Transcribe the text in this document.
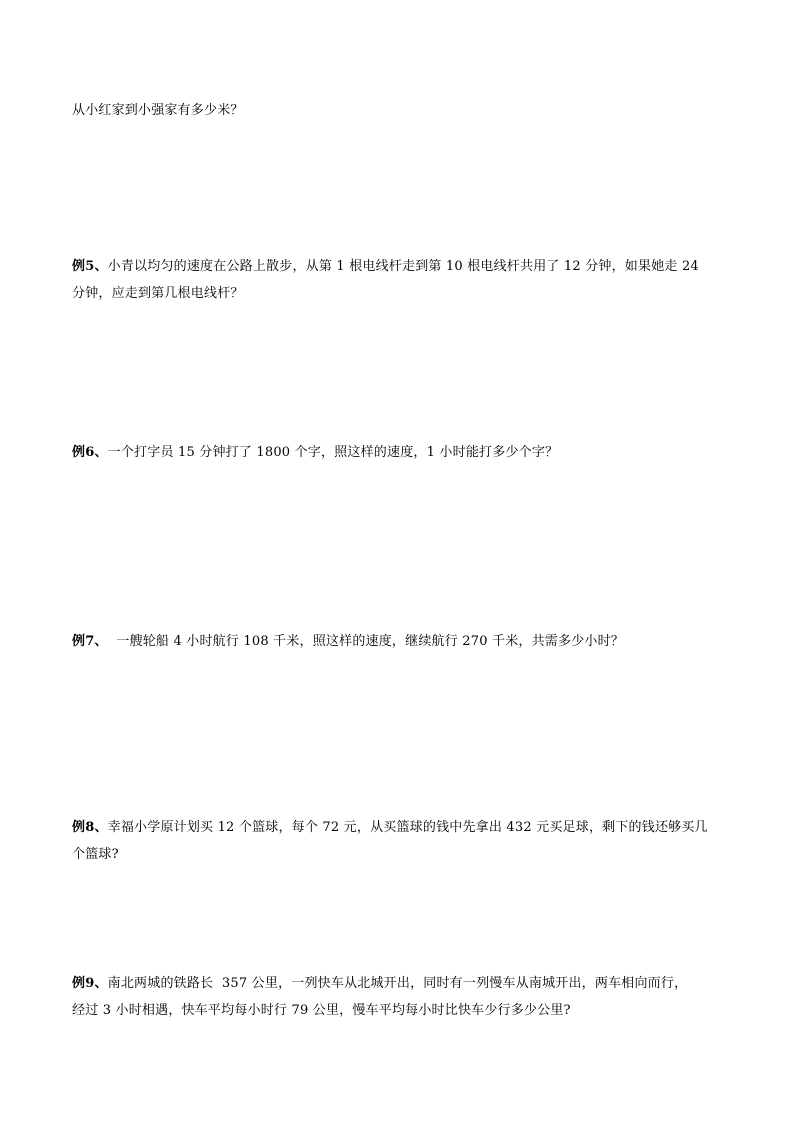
从小红家到小强家有多少米？
例5、小青以均匀的速度在公路上散步，从第 1 根电线杆走到第 10 根电线杆共用了 12 分钟，如果她走 24
分钟，应走到第几根电线杆？
例6、一个打字员 15 分钟打了 1800 个字，照这样的速度，1 小时能打多少个字？
例7、  一艘轮船 4 小时航行 108 千米，照这样的速度，继续航行 270 千米，共需多少小时？
例8、幸福小学原计划买 12 个篮球，每个 72 元，从买篮球的钱中先拿出 432 元买足球，剩下的钱还够买几
个篮球?
例9、南北两城的铁路长  357 公里，一列快车从北城开出，同时有一列慢车从南城开出，两车相向而行，
经过 3 小时相遇，快车平均每小时行 79 公里，慢车平均每小时比快车少行多少公里?
